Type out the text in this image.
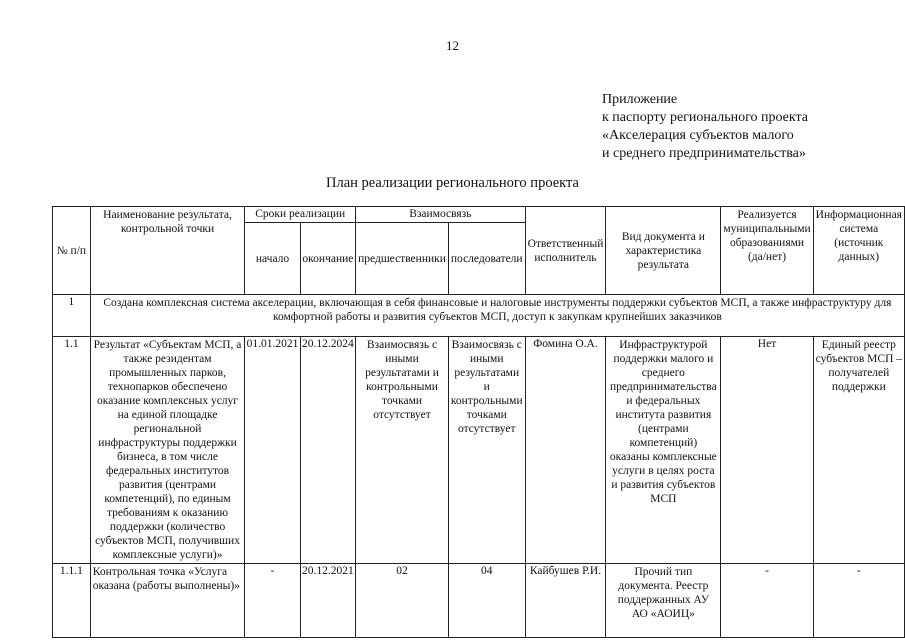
12
Приложение
к паспорту регионального проекта
«Акселерация субъектов малого
и среднего предпринимательства»
План реализации регионального проекта
№ п/п	Наименование результата, контрольной точки	Сроки реализации		Взаимосвязь		Ответственный исполнитель	Вид документа и характеристика результата	Реализуется муниципальными образованиями (да/нет)	Информационная система (источник данных)
		начало	окончание	предшественники	последователи				
1	Создана комплексная система акселерации, включающая в себя финансовые и налоговые инструменты поддержки субъектов МСП, а также инфраструктуру для комфортной работы и развития субъектов МСП, доступ к закупкам крупнейших заказчиков								
1.1	Результат «Субъектам МСП, а также резидентам промышленных парков, технопарков обеспечено оказание комплексных услуг на единой площадке региональной инфраструктуры поддержки бизнеса, в том числе федеральных институтов развития (центрами компетенций), по единым требованиям к оказанию поддержки (количество субъектов МСП, получивших комплексные услуги)»	01.01.2021	20.12.2024	Взаимосвязь с иными результатами и контрольными точками отсутствует	Взаимосвязь с иными результатами и контрольными точками отсутствует	Фомина О.А.	Инфраструктурой поддержки малого и среднего предпринимательства и федеральных института развития (центрами компетенций) оказаны комплексные услуги в целях роста и развития субъектов МСП	Нет	Единый реестр субъектов МСП – получателей поддержки
1.1.1	Контрольная точка «Услуга оказана (работы выполнены)»	-	20.12.2021	02	04	Кайбушев Р.И.	Прочий тип документа. Реестр поддержанных АУ АО «АОИЦ»	-	-
